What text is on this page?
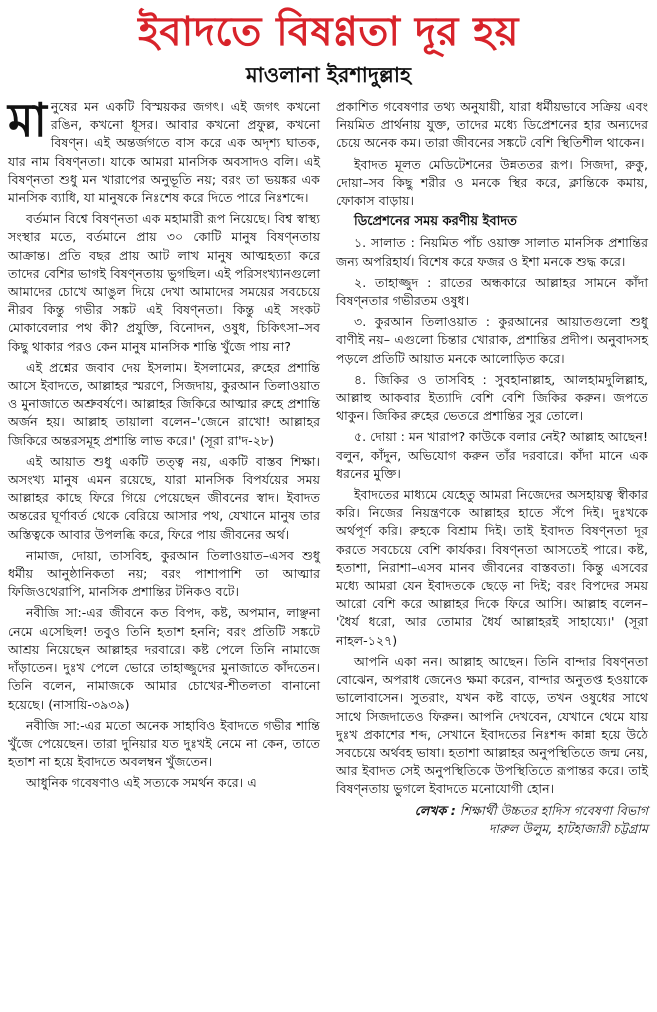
ইবাদতে বিষণ্ণতা দূর হয়
মাওলানা ইরশাদুল্লাহ

মানুষের মন একটি বিস্ময়কর জগৎ। এই জগৎ কখনো রঙিন, কখনো ধূসর। আবার কখনো প্রফুল্ল, কখনো বিষণ্ন। এই অন্তর্জগতে বাস করে এক অদৃশ্য ঘাতক, যার নাম বিষণ্নতা। যাকে আমরা মানসিক অবসাদও বলি। এই বিষণ্নতা শুধু মন খারাপের অনুভূতি নয়; বরং তা ভয়ঙ্কর এক মানসিক ব্যাধি, যা মানুষকে নিঃশেষ করে দিতে পারে নিঃশব্দে।

বর্তমান বিশ্বে বিষণ্নতা এক মহামারী রূপ নিয়েছে। বিশ্ব স্বাস্থ্য সংস্থার মতে, বর্তমানে প্রায় ৩০ কোটি মানুষ বিষণ্নতায় আক্রান্ত। প্রতি বছর প্রায় আট লাখ মানুষ আত্মহত্যা করে তাদের বেশির ভাগই বিষণ্নতায় ভুগছিল। এই পরিসংখ্যানগুলো আমাদের চোখে আঙুল দিয়ে দেখা আমাদের সময়ের সবচেয়ে নীরব কিন্তু গভীর সঙ্কট এই বিষণ্নতা। কিন্তু এই সংকট মোকাবেলার পথ কী? প্রযুক্তি, বিনোদন, ওষুধ, চিকিৎসা–সব কিছু থাকার পরও কেন মানুষ মানসিক শান্তি খুঁজে পায় না?

এই প্রশ্নের জবাব দেয় ইসলাম। ইসলামের, রুহের প্রশান্তি আসে ইবাদতে, আল্লাহর স্মরণে, সিজদায়, কুরআন তিলাওয়াত ও মুনাজাতে অশ্রুবর্ষণে। আল্লাহর জিকিরে আত্মার রুহে প্রশান্তি অর্জন হয়। আল্লাহ তায়ালা বলেন–'জেনে রাখো! আল্লাহর জিকিরে অন্তরসমূহ প্রশান্তি লাভ করে।' (সূরা রা'দ-২৮)

এই আয়াত শুধু একটি তত্ত্ব নয়, একটি বাস্তব শিক্ষা। অসংখ্য মানুষ এমন রয়েছে, যারা মানসিক বিপর্যয়ের সময় আল্লাহর কাছে ফিরে গিয়ে পেয়েছেন জীবনের স্বাদ। ইবাদত অন্তরের ঘূর্ণাবর্ত থেকে বেরিয়ে আসার পথ, যেখানে মানুষ তার অস্তিত্বকে আবার উপলব্ধি করে, ফিরে পায় জীবনের অর্থ।

নামাজ, দোয়া, তাসবিহ, কুরআন তিলাওয়াত–এসব শুধু ধর্মীয় আনুষ্ঠানিকতা নয়; বরং পাশাপাশি তা আত্মার ফিজিওথেরাপি, মানসিক প্রশান্তির টনিকও বটে।

নবীজি সা:-এর জীবনে কত বিপদ, কষ্ট, অপমান, লাঞ্ছনা নেমে এসেছিল! তবুও তিনি হতাশ হননি; বরং প্রতিটি সঙ্কটে আশ্রয় নিয়েছেন আল্লাহর দরবারে। কষ্ট পেলে তিনি নামাজে দাঁড়াতেন। দুঃখ পেলে ভোরে তাহাজ্জুদের মুনাজাতে কাঁদতেন। তিনি বলেন, নামাজকে আমার চোখের-শীতলতা বানানো হয়েছে। (নাসায়ি-৩৯৩৯)

নবীজি সা:-এর মতো অনেক সাহাবিও ইবাদতে গভীর শান্তি খুঁজে পেয়েছেন। তারা দুনিয়ার যত দুঃখই নেমে না কেন, তাতে হতাশ না হয়ে ইবাদতে অবলম্বন খুঁজতেন।

আধুনিক গবেষণাও এই সত্যকে সমর্থন করে। এ

প্রকাশিত গবেষণার তথ্য অনুযায়ী, যারা ধর্মীয়ভাবে সক্রিয় এবং নিয়মিত প্রার্থনায় যুক্ত, তাদের মধ্যে ডিপ্রেশনের হার অন্যদের চেয়ে অনেক কম। তারা জীবনের সঙ্কটে বেশি স্থিতিশীল থাকেন।

ইবাদত মূলত মেডিটেশনের উন্নততর রূপ। সিজদা, রুকু, দোয়া–সব কিছু শরীর ও মনকে স্থির করে, ক্লান্তিকে কমায়, ফোকাস বাড়ায়।

ডিপ্রেশনের সময় করণীয় ইবাদত

১. সালাত : নিয়মিত পাঁচ ওয়াক্ত সালাত মানসিক প্রশান্তির জন্য অপরিহার্য। বিশেষ করে ফজর ও ইশা মনকে শুদ্ধ করে।

২. তাহাজ্জুদ : রাতের অন্ধকারে আল্লাহর সামনে কাঁদা বিষণ্নতার গভীরতম ওষুধ।

৩. কুরআন তিলাওয়াত : কুরআনের আয়াতগুলো শুধু বাণীই নয়– এগুলো চিন্তার খোরাক, প্রশান্তির প্রদীপ। অনুবাদসহ পড়লে প্রতিটি আয়াত মনকে আলোড়িত করে।

৪. জিকির ও তাসবিহ : সুবহানাল্লাহ, আলহামদুলিল্লাহ, আল্লাহু আকবার ইত্যাদি বেশি বেশি জিকির করুন। জপতে থাকুন। জিকির রুহের ভেতরে প্রশান্তির সুর তোলে।

৫. দোয়া : মন খারাপ? কাউকে বলার নেই? আল্লাহ আছেন! বলুন, কাঁদুন, অভিযোগ করুন তাঁর দরবারে। কাঁদা মানে এক ধরনের মুক্তি।

ইবাদতের মাধ্যমে যেহেতু আমরা নিজেদের অসহায়ত্ব স্বীকার করি। নিজের নিয়ন্ত্রণকে আল্লাহর হাতে সঁপে দিই। দুঃখকে অর্থপূর্ণ করি। রুহকে বিশ্রাম দিই। তাই ইবাদত বিষণ্নতা দূর করতে সবচেয়ে বেশি কার্যকর। বিষণ্নতা আসতেই পারে। কষ্ট, হতাশা, নিরাশা–এসব মানব জীবনের বাস্তবতা। কিন্তু এসবের মধ্যে আমরা যেন ইবাদতকে ছেড়ে না দিই; বরং বিপদের সময় আরো বেশি করে আল্লাহর দিকে ফিরে আসি। আল্লাহ বলেন– 'ধৈর্য ধরো, আর তোমার ধৈর্য আল্লাহরই সাহায্যে।' (সূরা নাহল-১২৭)

আপনি একা নন। আল্লাহ আছেন। তিনি বান্দার বিষণ্নতা বোঝেন, অপরাধ জেনেও ক্ষমা করেন, বান্দার অনুতপ্ত হওয়াকে ভালোবাসেন। সুতরাং, যখন কষ্ট বাড়ে, তখন ওষুধের সাথে সাথে সিজদাতেও ফিরুন। আপনি দেখবেন, যেখানে থেমে যায় দুঃখ প্রকাশের শব্দ, সেখানে ইবাদতের নিঃশব্দ কান্না হয়ে উঠে সবচেয়ে অর্থবহ ভাষা। হতাশা আল্লাহর অনুপস্থিতিতে জন্ম নেয়, আর ইবাদত সেই অনুপস্থিতিকে উপস্থিতিতে রূপান্তর করে। তাই বিষণ্নতায় ভুগলে ইবাদতে মনোযোগী হোন।

লেখক : শিক্ষার্থী উচ্চতর হাদিস গবেষণা বিভাগ
দারুল উলুম, হাটহাজারী চট্টগ্রাম
